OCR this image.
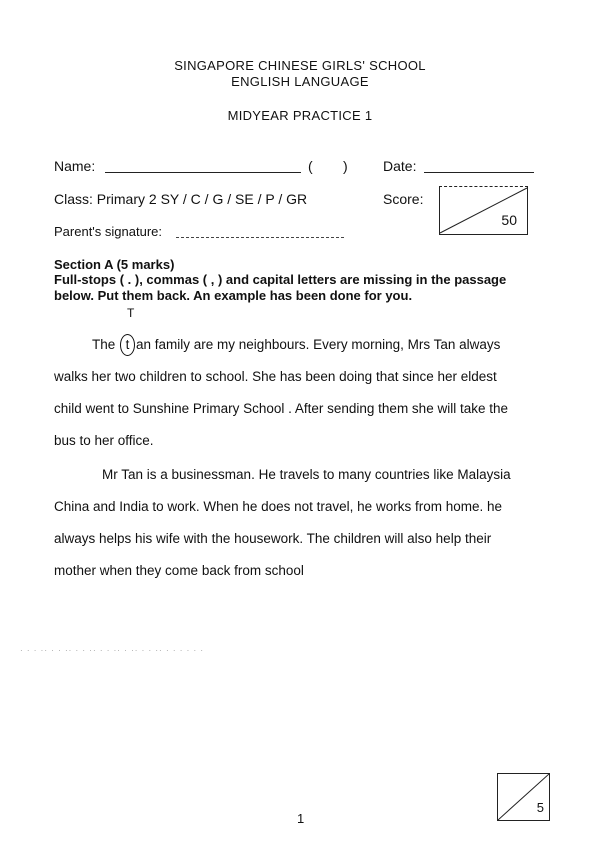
SINGAPORE CHINESE GIRLS' SCHOOL
ENGLISH LANGUAGE
MIDYEAR PRACTICE 1
Name:	( )	Date:
Class: Primary 2 SY / C / G / SE / P / GR	Score:
50
Parent's signature:
Section A (5 marks)
Full-stops ( . ), commas ( , ) and capital letters are missing in the passage below. Put them back. An example has been done for you.
T
The t an family are my neighbours. Every morning, Mrs Tan always
walks her two children to school. She has been doing that since her eldest
child went to Sunshine Primary School . After sending them she will take the
bus to her office.
Mr Tan is a businessman. He travels to many countries like Malaysia
China and India to work. When he does not travel, he works from home. he
always helps his wife with the housework. The children will also help their
mother when they come back from school
· · · ·· · · ·· · · ·· · · ·· · ·· · · ·· · · · · · ·
5
1
